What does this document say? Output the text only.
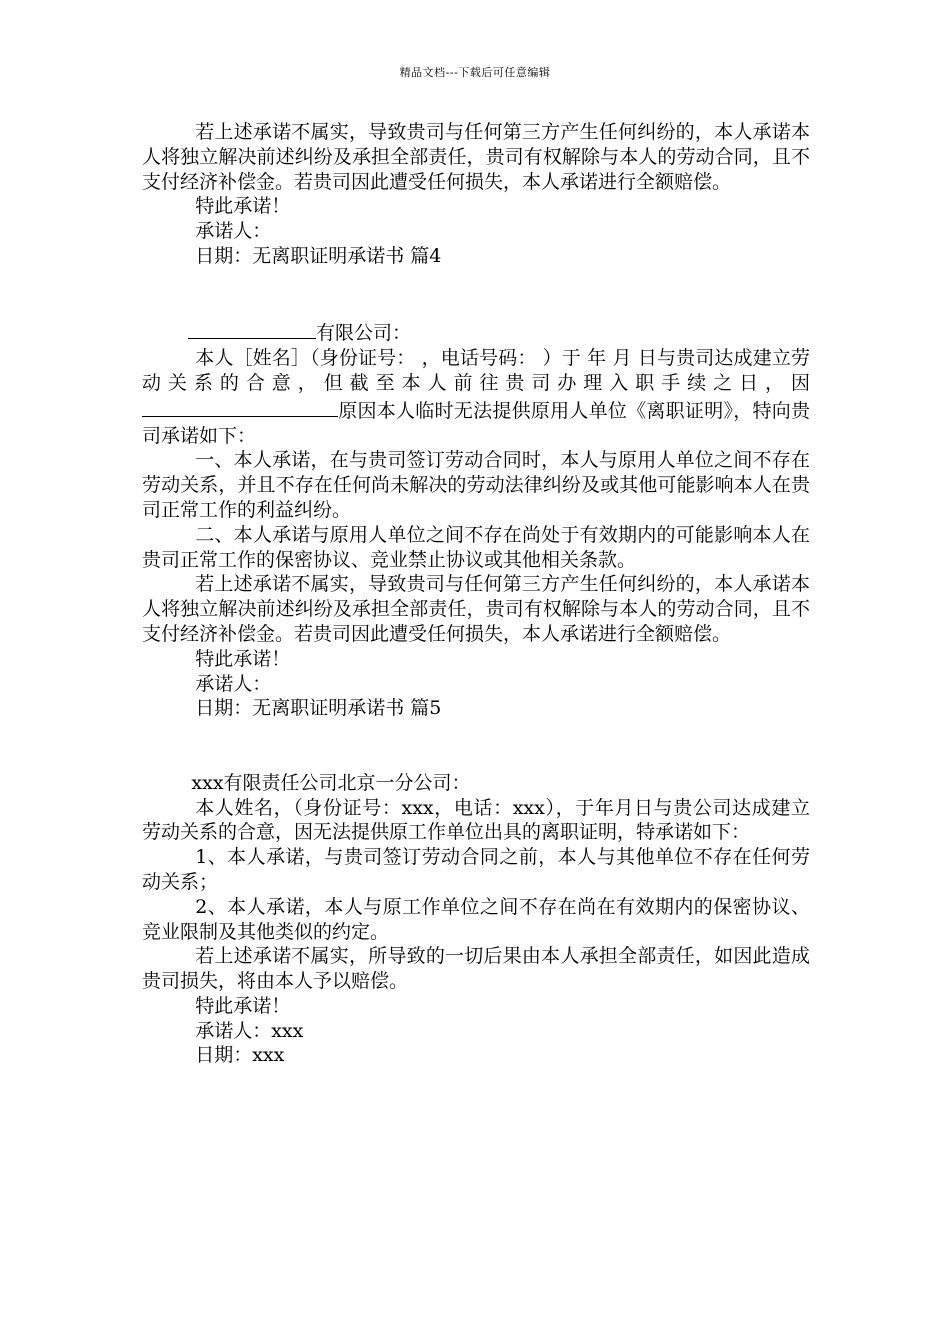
精品文档---下载后可任意编辑

若上述承诺不属实，导致贵司与任何第三方产生任何纠纷的，本人承诺本人将独立解决前述纠纷及承担全部责任，贵司有权解除与本人的劳动合同，且不支付经济补偿金。若贵司因此遭受任何损失，本人承诺进行全额赔偿。

特此承诺！

承诺人：

日期：无离职证明承诺书 篇4

有限公司：

本人［姓名］（身份证号： ，电话号码： ）于 年 月 日与贵司达成建立劳动关系的合意，但截至本人前往贵司办理入职手续之日，因原因本人临时无法提供原用人单位《离职证明》，特向贵司承诺如下：

一、本人承诺，在与贵司签订劳动合同时，本人与原用人单位之间不存在劳动关系，并且不存在任何尚未解决的劳动法律纠纷及或其他可能影响本人在贵司正常工作的利益纠纷。

二、本人承诺与原用人单位之间不存在尚处于有效期内的可能影响本人在贵司正常工作的保密协议、竞业禁止协议或其他相关条款。

若上述承诺不属实，导致贵司与任何第三方产生任何纠纷的，本人承诺本人将独立解决前述纠纷及承担全部责任，贵司有权解除与本人的劳动合同，且不支付经济补偿金。若贵司因此遭受任何损失，本人承诺进行全额赔偿。

特此承诺！

承诺人：

日期：无离职证明承诺书 篇5

xxx有限责任公司北京一分公司：

本人姓名，（身份证号：xxx，电话：xxx），于年月日与贵公司达成建立劳动关系的合意，因无法提供原工作单位出具的离职证明，特承诺如下：

1、本人承诺，与贵司签订劳动合同之前，本人与其他单位不存在任何劳动关系；

2、本人承诺，本人与原工作单位之间不存在尚在有效期内的保密协议、竞业限制及其他类似的约定。

若上述承诺不属实，所导致的一切后果由本人承担全部责任，如因此造成贵司损失，将由本人予以赔偿。

特此承诺！

承诺人：xxx

日期：xxx
